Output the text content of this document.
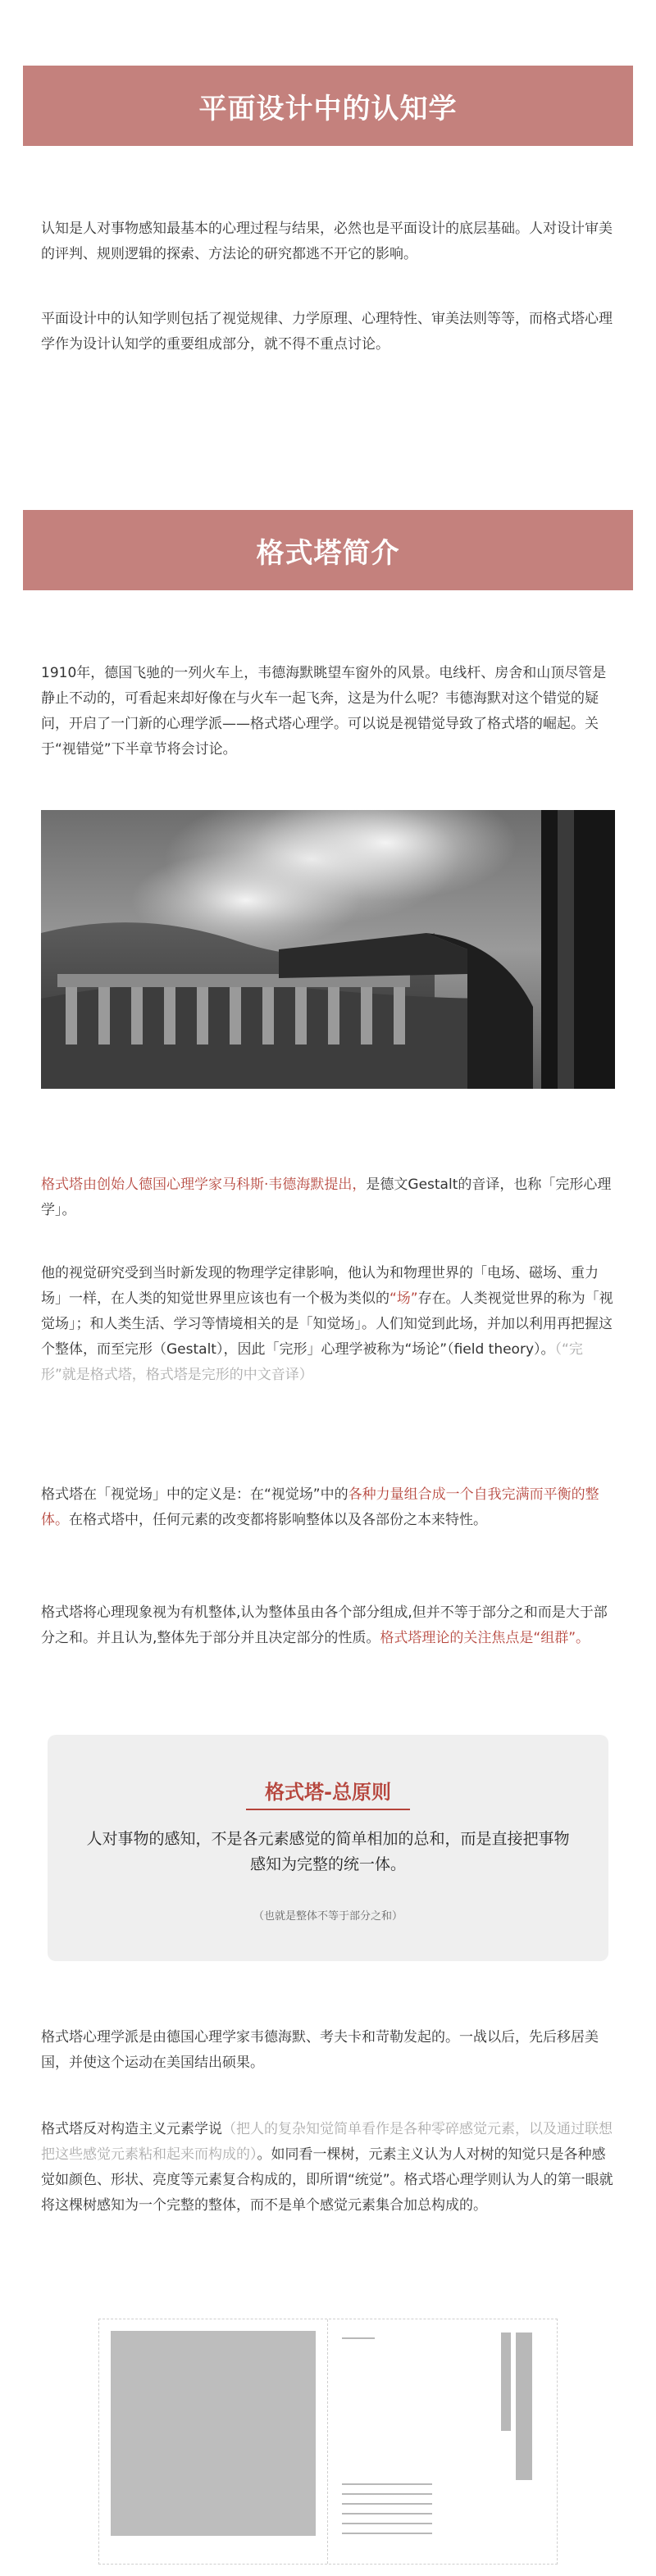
平面设计中的认知学

认知是人对事物感知最基本的心理过程与结果，必然也是平面设计的底层基础。人对设计审美的评判、规则逻辑的探索、方法论的研究都逃不开它的影响。

平面设计中的认知学则包括了视觉规律、力学原理、心理特性、审美法则等等，而格式塔心理学作为设计认知学的重要组成部分，就不得不重点讨论。

格式塔简介

1910年，德国飞驰的一列火车上，韦德海默眺望车窗外的风景。电线杆、房舍和山顶尽管是静止不动的，可看起来却好像在与火车一起飞奔，这是为什么呢？韦德海默对这个错觉的疑问，开启了一门新的心理学派——格式塔心理学。可以说是视错觉导致了格式塔的崛起。关于“视错觉”下半章节将会讨论。

格式塔由创始人德国心理学家马科斯·韦德海默提出，是德文Gestalt的音译，也称「完形心理学」。

他的视觉研究受到当时新发现的物理学定律影响，他认为和物理世界的「电场、磁场、重力场」一样，在人类的知觉世界里应该也有一个极为类似的“场”存在。人类视觉世界的称为「视觉场」；和人类生活、学习等情境相关的是「知觉场」。人们知觉到此场，并加以利用再把握这个整体，而至完形（Gestalt），因此「完形」心理学被称为“场论”（field theory）。（“完形”就是格式塔，格式塔是完形的中文音译）

格式塔在「视觉场」中的定义是：在“视觉场”中的各种力量组合成一个自我完满而平衡的整体。在格式塔中，任何元素的改变都将影响整体以及各部份之本来特性。

格式塔将心理现象视为有机整体,认为整体虽由各个部分组成,但并不等于部分之和而是大于部分之和。并且认为,整体先于部分并且决定部分的性质。格式塔理论的关注焦点是“组群”。

格式塔-总原则
人对事物的感知，不是各元素感觉的简单相加的总和，而是直接把事物感知为完整的统一体。
（也就是整体不等于部分之和）

格式塔心理学派是由德国心理学家韦德海默、考夫卡和苛勒发起的。一战以后，先后移居美国，并使这个运动在美国结出硕果。

格式塔反对构造主义元素学说（把人的复杂知觉简单看作是各种零碎感觉元素，以及通过联想把这些感觉元素粘和起来而构成的）。如同看一棵树，元素主义认为人对树的知觉只是各种感觉如颜色、形状、亮度等元素复合构成的，即所谓“统觉”。格式塔心理学则认为人的第一眼就将这棵树感知为一个完整的整体，而不是单个感觉元素集合加总构成的。
